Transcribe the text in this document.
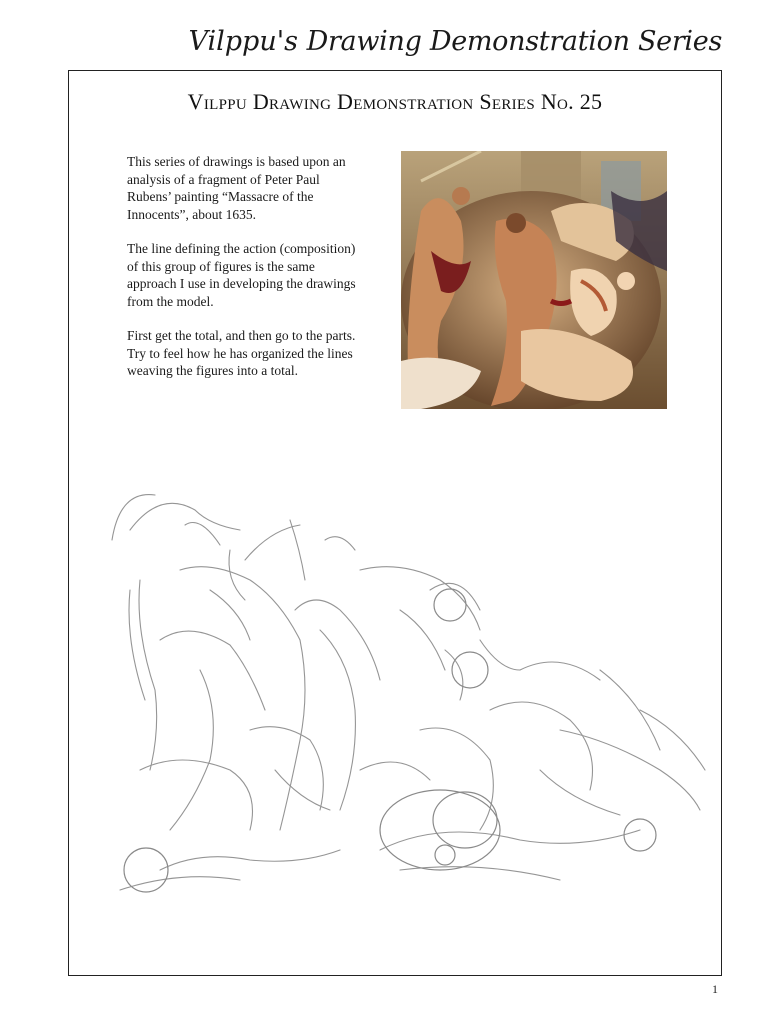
Vilppu's Drawing Demonstration Series
Vilppu Drawing Demonstration Series No. 25

This series of drawings is based upon an analysis of a fragment of Peter Paul Rubens’ painting “Massacre of the Innocents”, about 1635.

The line defining the action (composition) of this group of figures is the same approach I use in developing the drawings from the model.

First get the total, and then go to the parts. Try to feel how he has organized the lines weaving the figures into a total.

1
